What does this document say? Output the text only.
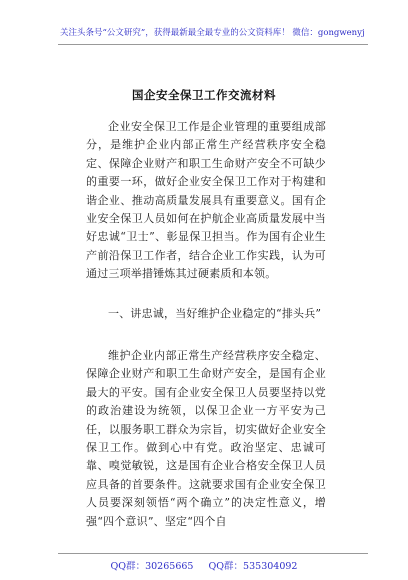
关注头条号“公文研究”，获得最新最全最专业的公文资料库！ 微信：gongwenyj
国企安全保卫工作交流材料
企业安全保卫工作是企业管理的重要组成部分，是维护企业内部正常生产经营秩序安全稳定、保障企业财产和职工生命财产安全不可缺少的重要一环，做好企业安全保卫工作对于构建和谐企业、推动高质量发展具有重要意义。国有企业安全保卫人员如何在护航企业高质量发展中当好忠诚“卫士”、彰显保卫担当。作为国有企业生产前沿保卫工作者，结合企业工作实践，认为可通过三项举措锤炼其过硬素质和本领。
一、讲忠诚，当好维护企业稳定的“排头兵”
维护企业内部正常生产经营秩序安全稳定、保障企业财产和职工生命财产安全，是国有企业最大的平安。国有企业安全保卫人员要坚持以党的政治建设为统领，以保卫企业一方平安为己任，以服务职工群众为宗旨，切实做好企业安全保卫工作。做到心中有党。政治坚定、忠诚可靠、嗅觉敏锐，这是国有企业合格安全保卫人员应具备的首要条件。这就要求国有企业安全保卫人员要深刻领悟“两个确立”的决定性意义，增强“四个意识”、坚定“四个自
QQ群：30265665 QQ群：535304092
